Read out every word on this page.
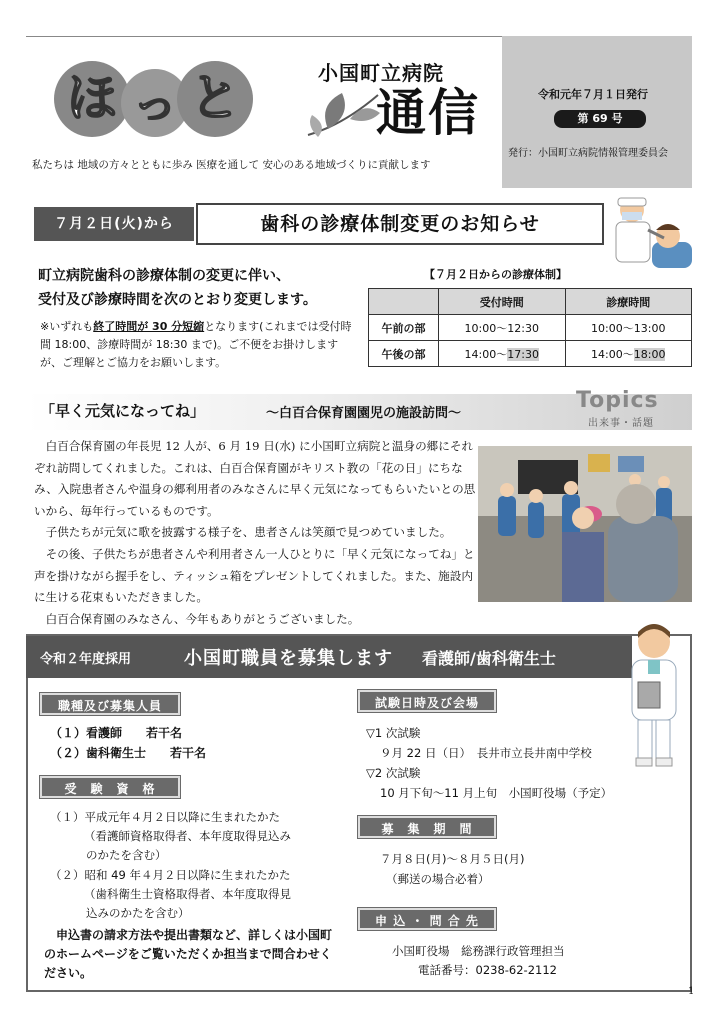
ほ っ と	小国町立病院
通信
私たちは 地域の方々とともに歩み 医療を通して 安心のある地域づくりに貢献します
令和元年７月１日発行
第 69 号
発行：小国町立病院情報管理委員会
７月２日(火)から	歯科の診療体制変更のお知らせ
町立病院歯科の診療体制の変更に伴い、
受付及び診療時間を次のとおり変更します。
※いずれも終了時間が 30 分短縮となります(これまでは受付時間 18:00、診療時間が 18:30 まで)。ご不便をお掛けしますが、ご理解とご協力をお願いします。
【７月２日からの診療体制】
	受付時間	診療時間
午前の部	10:00～12:30	10:00～13:00
午後の部	14:00～17:30	14:00～18:00
「早く元気になってね」	～白百合保育園園児の施設訪問～
Topics
出来事・話題

白百合保育園の年長児 12 人が、6 月 19 日(水) に小国町立病院と温身の郷にそれぞれ訪問してくれました。これは、白百合保育園がキリスト教の「花の日」にちなみ、入院患者さんや温身の郷利用者のみなさんに早く元気になってもらいたいとの思いから、毎年行っているものです。

子供たちが元気に歌を披露する様子を、患者さんは笑顔で見つめていました。

その後、子供たちが患者さんや利用者さん一人ひとりに「早く元気になってね」と声を掛けながら握手をし、ティッシュ箱をプレゼントしてくれました。また、施設内に生ける花束もいただきました。

白百合保育園のみなさん、今年もありがとうございました。

令和２年度採用	小国町職員を募集します 看護師/歯科衛生士
職種及び募集人員
（１）看護師　　若干名
（２）歯科衛生士　　若干名
受　験　資　格
（１）平成元年４月２日以降に生まれたかた
（看護師資格取得者、本年度取得見込み
のかたを含む）
（２）昭和 49 年４月２日以降に生まれたかた
（歯科衛生士資格取得者、本年度取得見
込みのかたを含む）
申込書の請求方法や提出書類など、詳しくは小国町のホームページをご覧いただくか担当まで問合わせください。
試験日時及び会場
▽1 次試験
９月 22 日（日）　長井市立長井南中学校
▽2 次試験
10 月下旬～11 月上旬　小国町役場（予定）
募　集　期　間
７月８日(月)～８月５日(月)
（郵送の場合必着）
申 込 ・ 問 合 先
小国町役場　総務課行政管理担当
電話番号：0238-62-2112
1
